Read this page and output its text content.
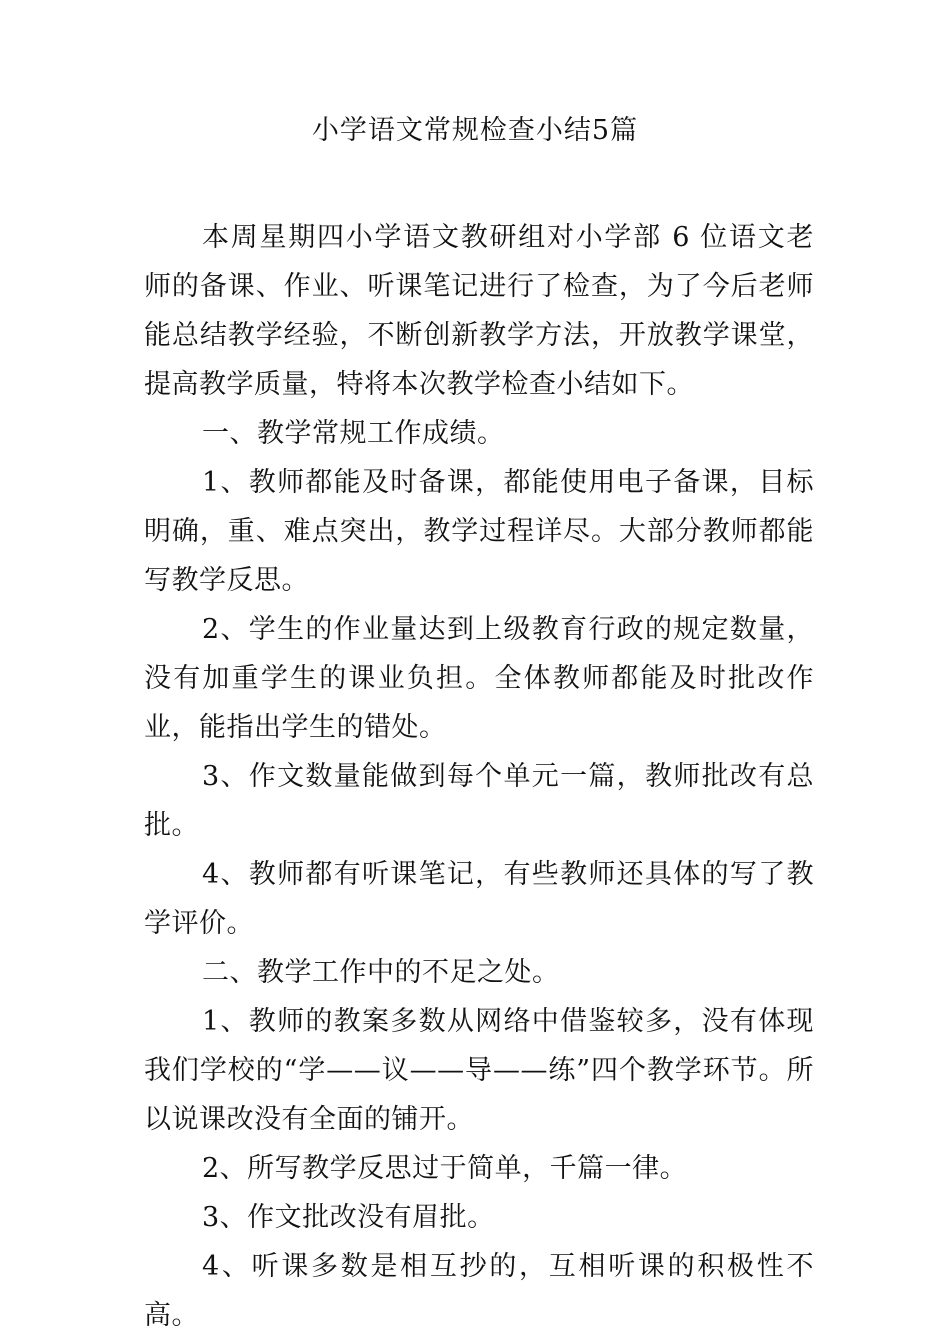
小学语文常规检查小结5篇

本周星期四小学语文教研组对小学部 6 位语文老师的备课、作业、听课笔记进行了检查，为了今后老师能总结教学经验，不断创新教学方法，开放教学课堂，提高教学质量，特将本次教学检查小结如下。

一、教学常规工作成绩。

1、教师都能及时备课，都能使用电子备课，目标明确，重、难点突出，教学过程详尽。大部分教师都能写教学反思。

2、学生的作业量达到上级教育行政的规定数量，没有加重学生的课业负担。全体教师都能及时批改作业，能指出学生的错处。

3、作文数量能做到每个单元一篇，教师批改有总批。

4、教师都有听课笔记，有些教师还具体的写了教学评价。

二、教学工作中的不足之处。

1、教师的教案多数从网络中借鉴较多，没有体现我们学校的“学——议——导——练”四个教学环节。所以说课改没有全面的铺开。

2、所写教学反思过于简单，千篇一律。

3、作文批改没有眉批。

4、听课多数是相互抄的，互相听课的积极性不高。
